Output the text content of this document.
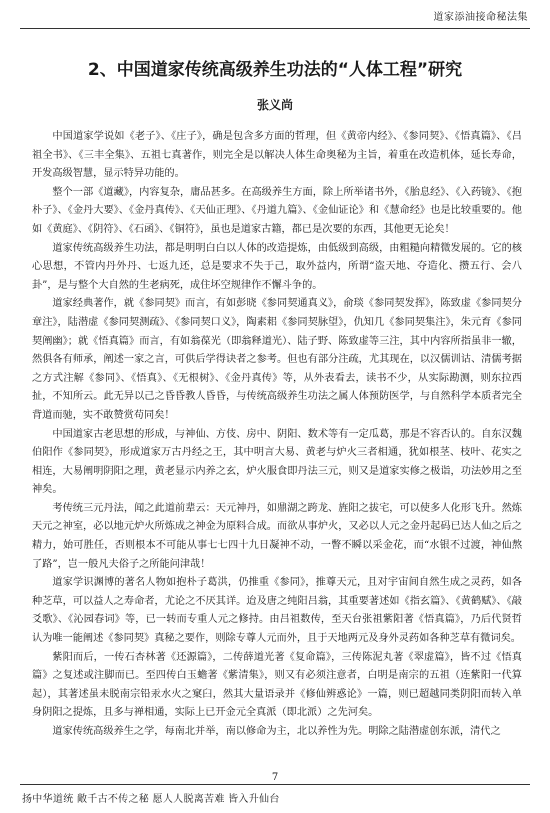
道家添油接命秘法集
2、中国道家传统高级养生功法的“人体工程”研究
张义尚

中国道家学说如《老子》、《庄子》，确是包含多方面的哲理，但《黄帝内经》、《参同契》、《悟真篇》、《吕祖全书》、《三丰全集》、五祖七真著作，则完全是以解决人体生命奥秘为主旨，着重在改造机体，延长寿命，开发高级智慧，显示特异功能的。

整个一部《道藏》，内容复杂，庸品甚多。在高级养生方面，除上所举诸书外，《胎息经》、《入药镜》、《抱朴子》、《金丹大要》、《金丹真传》、《天仙正理》、《丹道九篇》、《金仙证论》和《慧命经》也是比较重要的。他如《黄庭》、《阴符》、《石函》、《铜符》，虽也是道家古籍，都已是次要的东西，其他更无论矣！

道家传统高级养生功法，都是明明白白以人体的改造提炼，由低级到高级，由粗糙向精微发展的。它的核心思想，不管内丹外丹、七返九还，总是要求不失于己，取外益内，所谓“盗天地、夺造化、攒五行、会八卦”，是与整个大自然的生老病死，成住坏空规律作不懈斗争的。

道家经典著作，就《参同契》而言，有如彭晓《参同契通真义》，俞琰《参同契发挥》，陈致虚《参同契分章注》，陆潜虚《参同契测疏》、《参同契口义》，陶素耜《参同契脉望》，仇知几《参同契集注》，朱元育《参同契阐幽》；就《悟真篇》而言，有如翁葆光（即翁释道光）、陆子野、陈致虚等三注，其中内容所指虽非一辙，然俱各有师承，阐述一家之言，可供后学得诀者之参考。但也有部分注疏，尤其现在，以汉儒训诂、清儒考据之方式注解《参同》、《悟真》、《无根树》、《金丹真传》等，从外表看去，读书不少，从实际勘测，则东拉西扯，不知所云。此无异以己之昏昏教人昏昏，与传统高级养生功法之属人体预防医学，与自然科学本质者完全背道而驰，实不敢赞赏苟同矣！

中国道家古老思想的形成，与神仙、方伎、房中、阴阳、数术等有一定瓜葛，那是不容否认的。自东汉魏伯阳作《参同契》，形成道家万古丹经之王，其中明言大易、黄老与炉火三者相通，犹如根茎、枝叶、花实之相连，大易阐明阴阳之理，黄老显示内养之玄，炉火服食即丹法三元，则又是道家实修之极诣，功法妙用之至神矣。

考传统三元丹法，闻之此道前辈云：天元神丹，如鼎湖之跨龙、旌阳之拔宅，可以使多人化形飞升。然炼天元之神室，必以地元炉火所炼成之神金为原料合成。而欲从事炉火，又必以人元之金丹起码已达人仙之后之精力，始可胜任，否则根本不可能从事七七四十九日凝神不动，一瞥不瞬以采金花，而“水银不过渡，神仙熬了路”，岂一般凡夫俗子之所能问津哉！

道家学识渊博的著名人物如抱朴子葛洪，仍推重《参同》，推尊天元，且对宇宙间自然生成之灵药，如各种芝草，可以益人之寿命者，尤论之不厌其详。迨及唐之纯阳吕翁，其重要著述如《指玄篇》、《黄鹤赋》、《敲爻歌》、《沁园春词》等，已一转而专重人元之修持。由吕祖数传，至天台张祖紫阳著《悟真篇》，乃后代贤哲认为唯一能阐述《参同契》真秘之要作，则除专尊人元而外，且于天地两元及身外灵药如各种芝草有微词矣。

紫阳而后，一传石杏林著《还源篇》，二传薛道光著《复命篇》，三传陈泥丸著《翠虚篇》，皆不过《悟真篇》之复述或注脚而已。至四传白玉蟾著《紫清集》，则又有必须注意者，白明是南宗的五祖（连紫阳一代算起），其著述虽未脱南宗铅汞水火之窠臼，然其大量语录并《修仙辨惑论》一篇，则已超越同类阴阳而转入单身阴阳之提炼，且多与禅相通，实际上已开金元全真派（即北派）之先河矣。

道家传统高级养生之学，每南北并举，南以修命为主，北以养性为先。明除之陆潜虚创东派，清代之

7
扬中华道统 敞千古不传之秘 愿人人脱离苦难 皆入升仙台
